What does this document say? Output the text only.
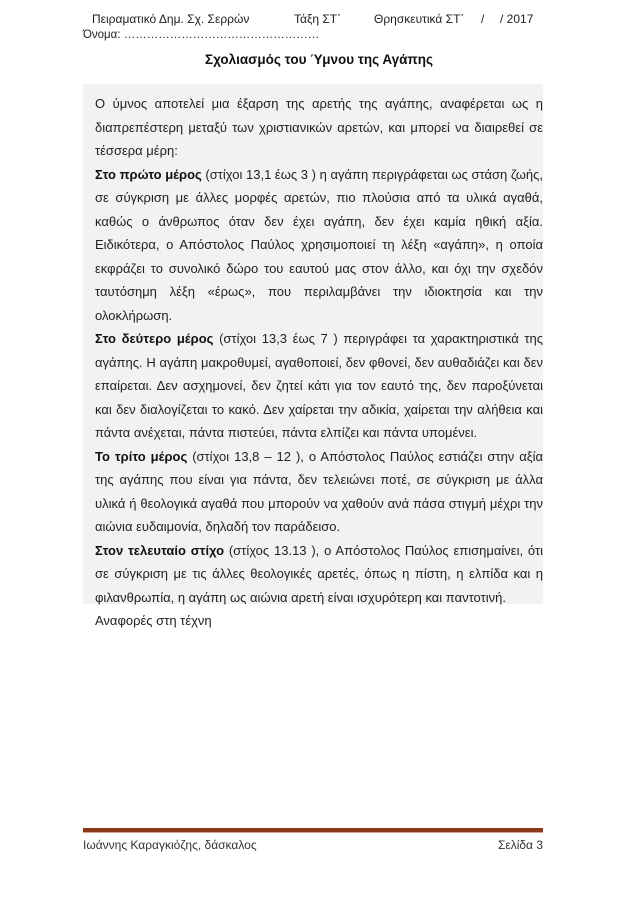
Πειραματικό Δημ. Σχ. Σερρών	Τάξη ΣΤ΄	Θρησκευτικά ΣΤ΄ / / 2017
Όνομα: ……………………………………………
Σχολιασμός του Ύμνου της Αγάπης

Ο ύμνος αποτελεί μια έξαρση της αρετής της αγάπης, αναφέρεται ως η διαπρεπέστερη μεταξύ των χριστιανικών αρετών, και μπορεί να διαιρεθεί σε τέσσερα μέρη:

Στο πρώτο μέρος (στίχοι 13,1 έως 3 ) η αγάπη περιγράφεται ως στάση ζωής, σε σύγκριση με άλλες μορφές αρετών, πιο πλούσια από τα υλικά αγαθά, καθώς ο άνθρωπος όταν δεν έχει αγάπη, δεν έχει καμία ηθική αξία. Ειδικότερα, ο Απόστολος Παύλος χρησιμοποιεί τη λέξη «αγάπη», η οποία εκφράζει το συνολικό δώρο του εαυτού μας στον άλλο, και όχι την σχεδόν ταυτόσημη λέξη «έρως», που περιλαμβάνει την ιδιοκτησία και την ολοκλήρωση.

Στο δεύτερο μέρος (στίχοι 13,3 έως 7 ) περιγράφει τα χαρακτηριστικά της αγάπης. Η αγάπη μακροθυμεί, αγαθοποιεί, δεν φθονεί, δεν αυθαδιάζει και δεν επαίρεται. Δεν ασχημονεί, δεν ζητεί κάτι για τον εαυτό της, δεν παροξύνεται και δεν διαλογίζεται το κακό. Δεν χαίρεται την αδικία, χαίρεται την αλήθεια και πάντα ανέχεται, πάντα πιστεύει, πάντα ελπίζει και πάντα υπομένει.

Το τρίτο μέρος (στίχοι 13,8 – 12 ), ο Απόστολος Παύλος εστιάζει στην αξία της αγάπης που είναι για πάντα, δεν τελειώνει ποτέ, σε σύγκριση με άλλα υλικά ή θεολογικά αγαθά που μπορούν να χαθούν ανά πάσα στιγμή μέχρι την αιώνια ευδαιμονία, δηλαδή τον παράδεισο.

Στον τελευταίο στίχο (στίχος 13.13 ), ο Απόστολος Παύλος επισημαίνει, ότι σε σύγκριση με τις άλλες θεολογικές αρετές, όπως η πίστη, η ελπίδα και η φιλανθρωπία, η αγάπη ως αιώνια αρετή είναι ισχυρότερη και παντοτινή.

Αναφορές στη τέχνη

Ιωάννης Καραγκιόζης, δάσκαλος	Σελίδα 3
